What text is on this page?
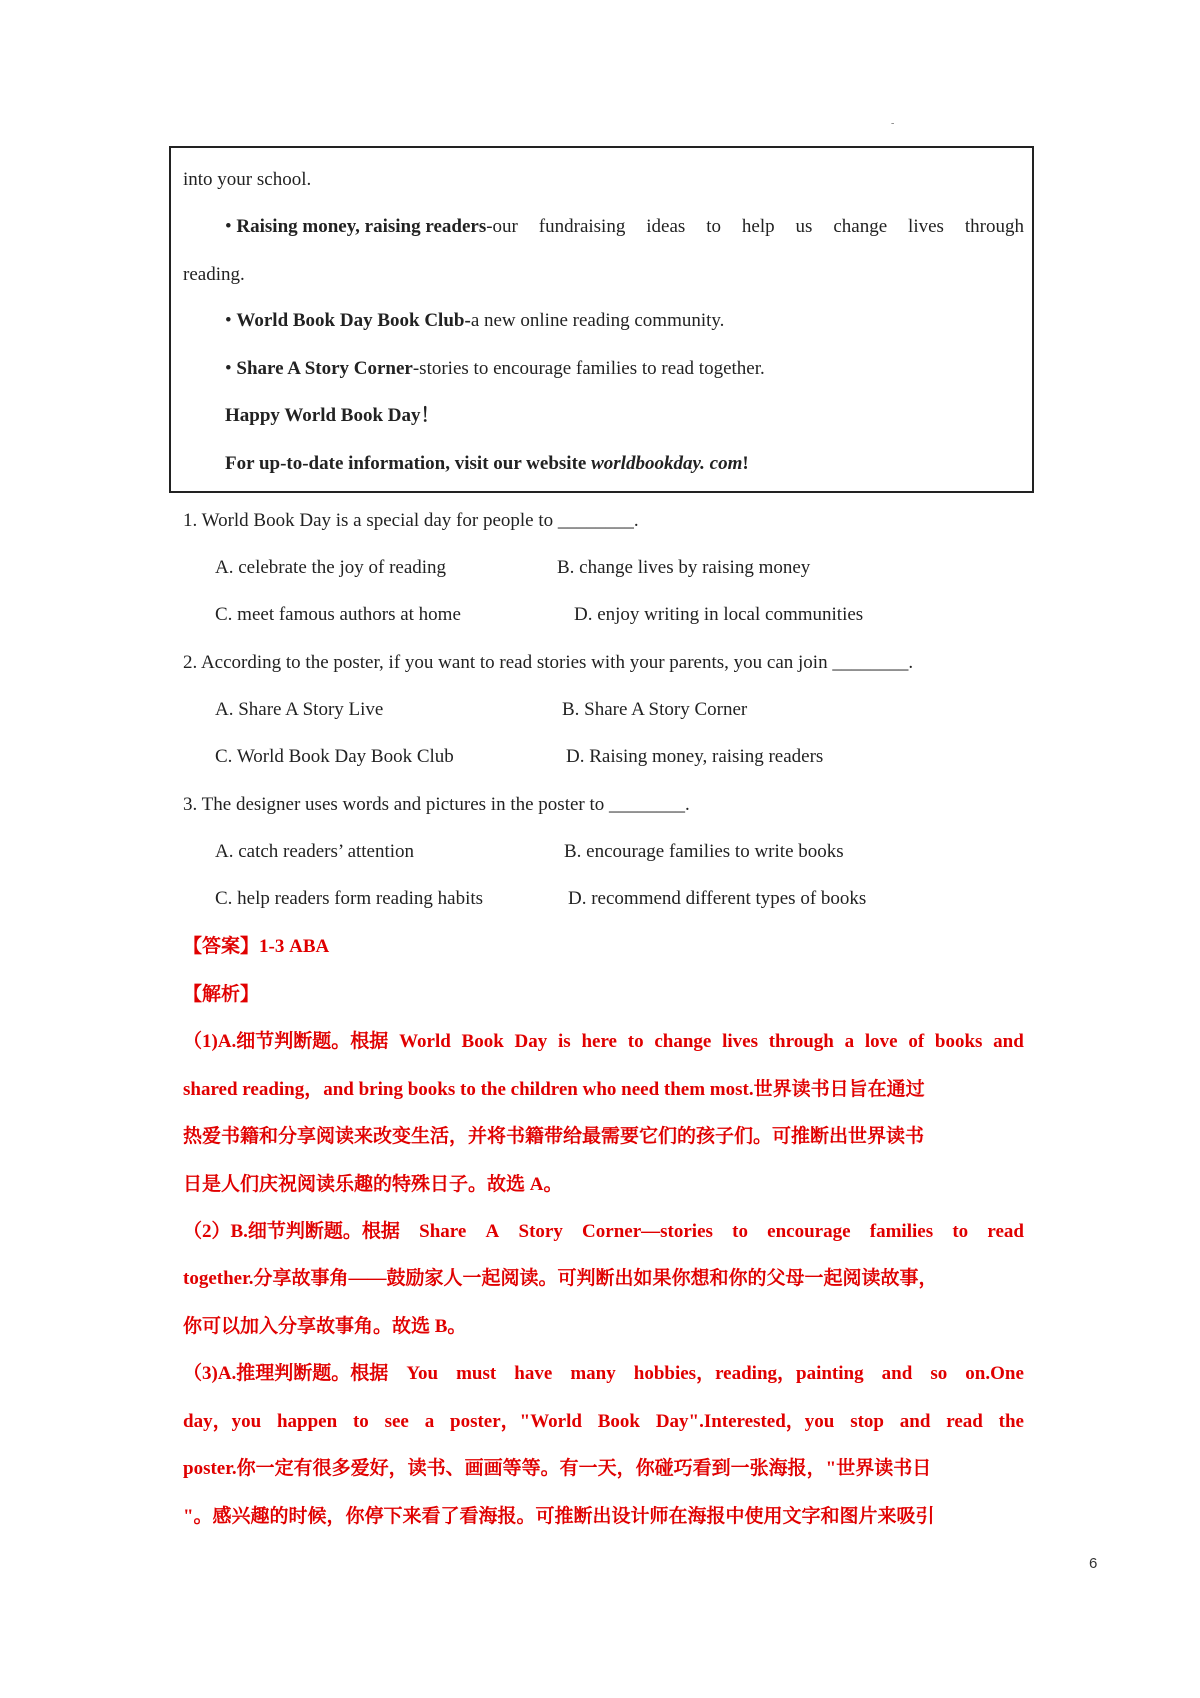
-
into your school.
• Raising money, raising readers-our fundraising ideas to help us change lives through
reading.
• World Book Day Book Club-a new online reading community.
• Share A Story Corner-stories to encourage families to read together.
Happy World Book Day！
For up-to-date information, visit our website worldbookday. com!
1. World Book Day is a special day for people to ________.
A. celebrate the joy of reading	B. change lives by raising money
C. meet famous authors at home	D. enjoy writing in local communities
2. According to the poster, if you want to read stories with your parents, you can join ________.
A. Share A Story Live	B. Share A Story Corner
C. World Book Day Book Club	D. Raising money, raising readers
3. The designer uses words and pictures in the poster to ________.
A. catch readers’ attention	B. encourage families to write books
C. help readers form reading habits	D. recommend different types of books
【答案】1-3 ABA
【解析】
（1)A.细节判断题。根据 World Book Day is here to change lives through a love of books and
shared reading，and bring books to the children who need them most.世界读书日旨在通过
热爱书籍和分享阅读来改变生活，并将书籍带给最需要它们的孩子们。可推断出世界读书
日是人们庆祝阅读乐趣的特殊日子。故选 A。
（2）B.细节判断题。根据 Share A Story Corner—stories to encourage families to read
together.分享故事角——鼓励家人一起阅读。可判断出如果你想和你的父母一起阅读故事，
你可以加入分享故事角。故选 B。
（3)A.推理判断题。根据 You must have many hobbies，reading，painting and so on.One
day，you happen to see a poster，"World Book Day".Interested，you stop and read the
poster.你一定有很多爱好，读书、画画等等。有一天，你碰巧看到一张海报，"世界读书日
"。感兴趣的时候，你停下来看了看海报。可推断出设计师在海报中使用文字和图片来吸引
6
